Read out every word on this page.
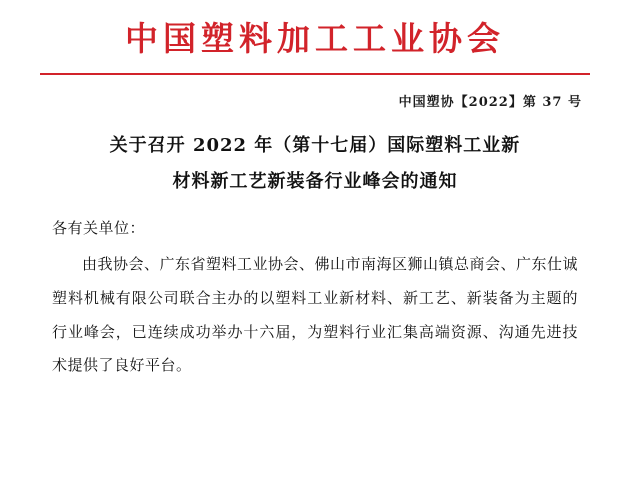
中国塑料加工工业协会
中国塑协【2022】第 37 号
关于召开 2022 年（第十七届）国际塑料工业新
材料新工艺新装备行业峰会的通知
各有关单位：
由我协会、广东省塑料工业协会、佛山市南海区狮山镇总商会、广东仕诚塑料机械有限公司联合主办的以塑料工业新材料、新工艺、新装备为主题的行业峰会，已连续成功举办十六届，为塑料行业汇集高端资源、沟通先进技术提供了良好平台。
